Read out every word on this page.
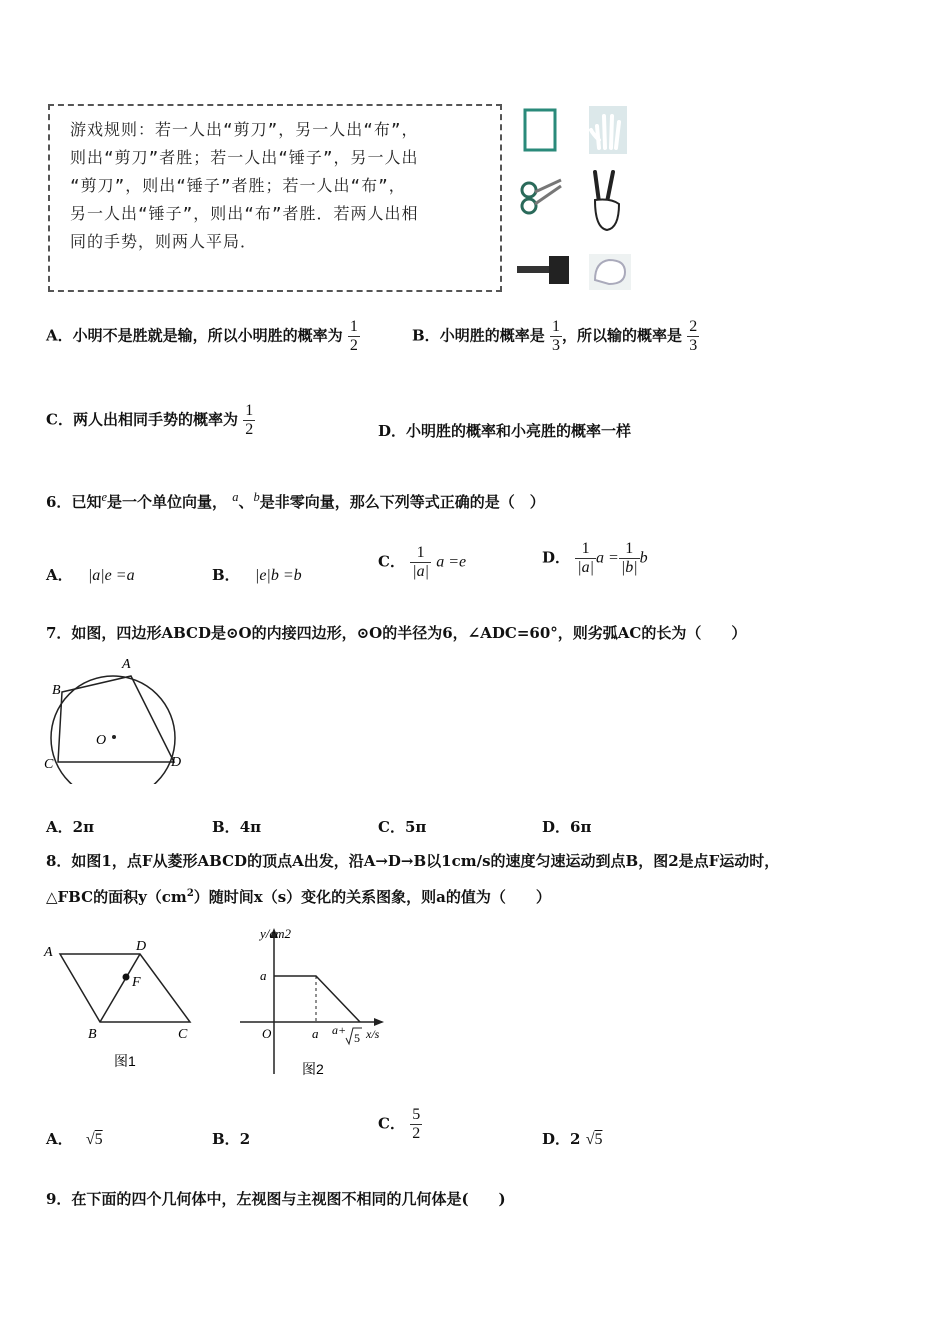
游戏规则：若一人出“剪刀”，另一人出“布”，
则出“剪刀”者胜；若一人出“锤子”，另一人出
“剪刀”，则出“锤子”者胜；若一人出“布”，
另一人出“锤子”，则出“布”者胜．若两人出相
同的手势，则两人平局．
A．小明不是胜就是输，所以小明胜的概率为 $\frac{1}{2}$	B．小明胜的概率是 $\frac{1}{3}$ ，所以输的概率是 $\frac{2}{3}$
C．两人出相同手势的概率为 $\frac{1}{2}$	D．小明胜的概率和小亮胜的概率一样
6．已知$^e$是一个单位向量， $^a$、$^b$是非零向量，那么下列等式正确的是（　）
A． |a|e =a	B． |e|b =b
C． $\frac{1}{|a|}$ a =e	D． $\frac{1}{|a|}$ $a = \frac{1}{|b|}$ b
7．如图，四边形ABCD是⊙O的内接四边形，⊙O的半径为6，∠ADC=60°，则劣弧AC的长为（　　）
A
B
C	D
O
A．2π	B．4π	C．5π	D．6π
8．如图1，点F从菱形ABCD的顶点A出发，沿A→D→B以1cm/s的速度匀速运动到点B，图2是点F运动时，
△FBC的面积$y(cm^2)$随时间x（s）变化的关系图象，则a的值为（　　）
A	D
F
B	C
图1
y/cm2
a
O	a a+
5 x/s
图2
A． √5	B．2
C． $\frac{5}{2}$	D．2 √5
9．在下面的四个几何体中，左视图与主视图不相同的几何体是(　　)
